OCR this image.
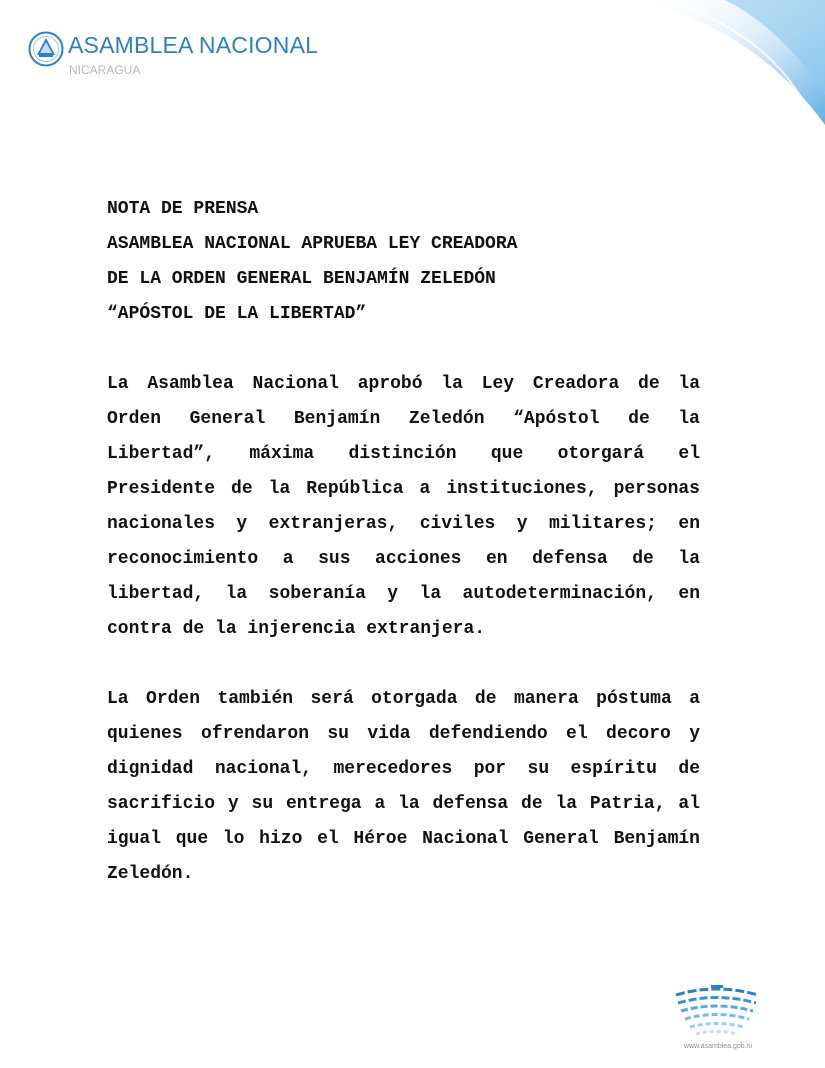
ASAMBLEA NACIONAL
NICARAGUA
NOTA DE PRENSA
ASAMBLEA NACIONAL APRUEBA LEY CREADORA
DE LA ORDEN GENERAL BENJAMÍN ZELEDÓN
“APÓSTOL DE LA LIBERTAD”

La Asamblea Nacional aprobó la Ley Creadora de la Orden General Benjamín Zeledón “Apóstol de la Libertad”, máxima distinción que otorgará el Presidente de la República a instituciones, personas nacionales y extranjeras, civiles y militares; en reconocimiento a sus acciones en defensa de la libertad, la soberanía y la autodeterminación, en contra de la injerencia extranjera.

La Orden también será otorgada de manera póstuma a quienes ofrendaron su vida defendiendo el decoro y dignidad nacional, merecedores por su espíritu de sacrificio y su entrega a la defensa de la Patria, al igual que lo hizo el Héroe Nacional General Benjamín Zeledón.

www.asamblea.gob.ni
